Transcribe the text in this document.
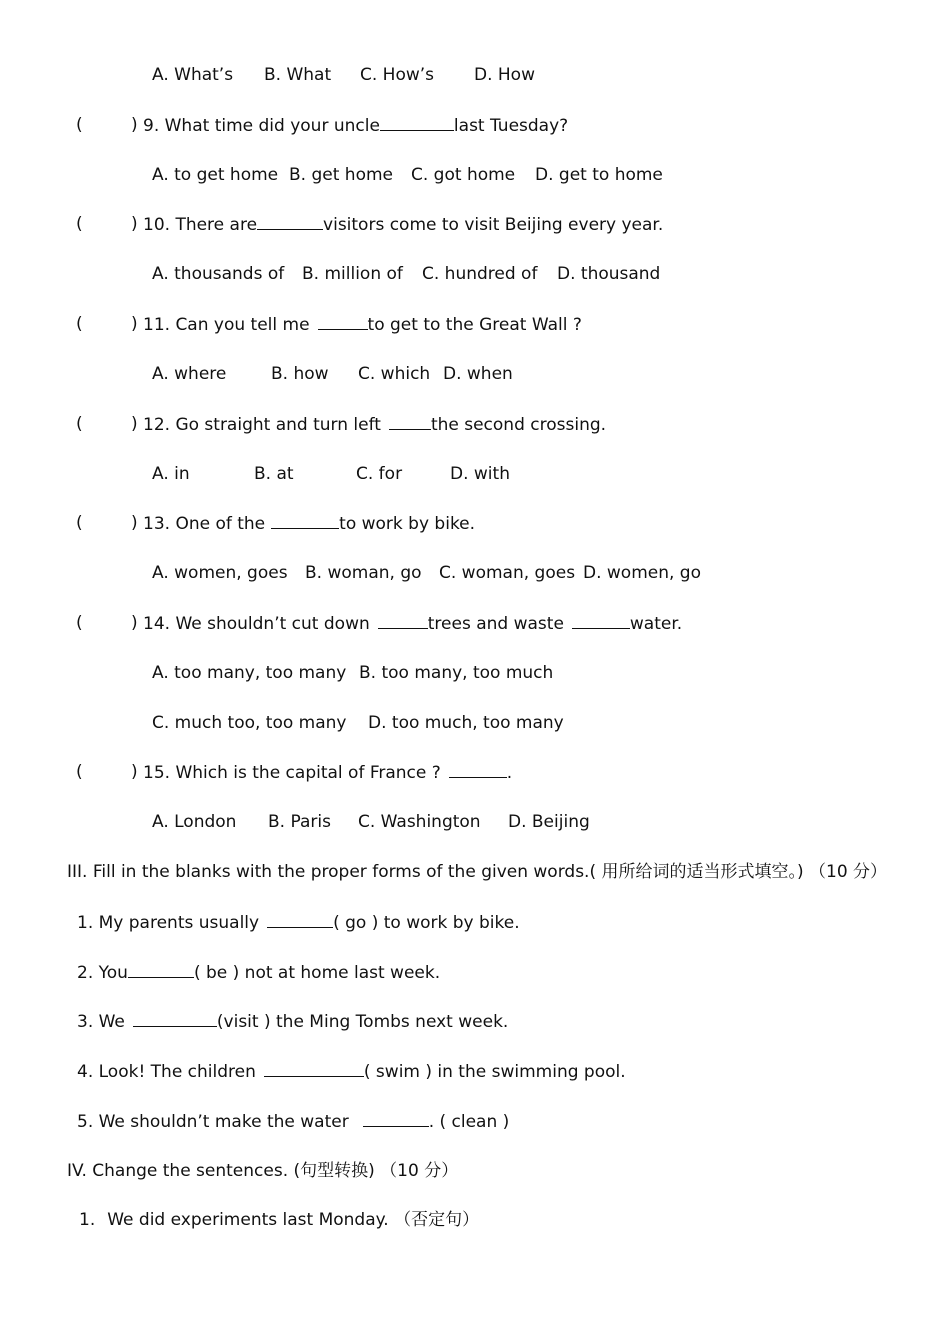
A. What’s B. What C. How’s D. How
(	) 9. What time did your uncle	last Tuesday?
A. to get home B. get home C. got home D. get to home
(	) 10. There are	visitors come to visit Beijing every year.
A. thousands of B. million of C. hundred of D. thousand
(	) 11. Can you tell me	to get to the Great Wall ?
A. where	B. how C. which D. when
(	) 12. Go straight and turn left	the second crossing.
A. in	B. at	C. for	D. with
(	) 13. One of the	to work by bike.
A. women, goes B. woman, go C. woman, goes D. women, go
(	) 14. We shouldn’t cut down	trees and waste	water.
A. too many, too many B. too many, too much
C. much too, too many D. too much, too many
(	) 15. Which is the capital of France ?	.
A. London B. Paris C. Washington D. Beijing
III. Fill in the blanks with the proper forms of the given words.( 用所给词的适当形式填空。) （10 分）
1. My parents usually	( go ) to work by bike.
2. You	( be ) not at home last week.
3. We	(visit ) the Ming Tombs next week.
4. Look! The children	( swim ) in the swimming pool.
5. We shouldn’t make the water	. ( clean )
IV. Change the sentences. (句型转换) （10 分）
1. We did experiments last Monday. （否定句）
